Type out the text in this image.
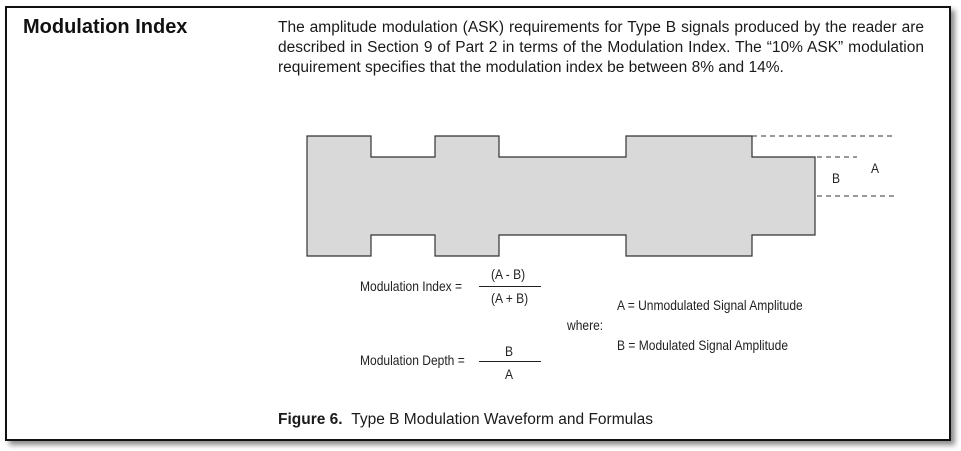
Modulation Index	The amplitude modulation (ASK) requirements for Type B signals produced by the reader are described in Section 9 of Part 2 in terms of the Modulation Index. The “10% ASK” modulation requirement specifies that the modulation index be between 8% and 14%.

A
B
Modulation Index =
(A - B)
(A + B)	A = Unmodulated Signal Amplitude
where:
B = Modulated Signal Amplitude
Modulation Depth =
B
A
Figure 6. Type B Modulation Waveform and Formulas
